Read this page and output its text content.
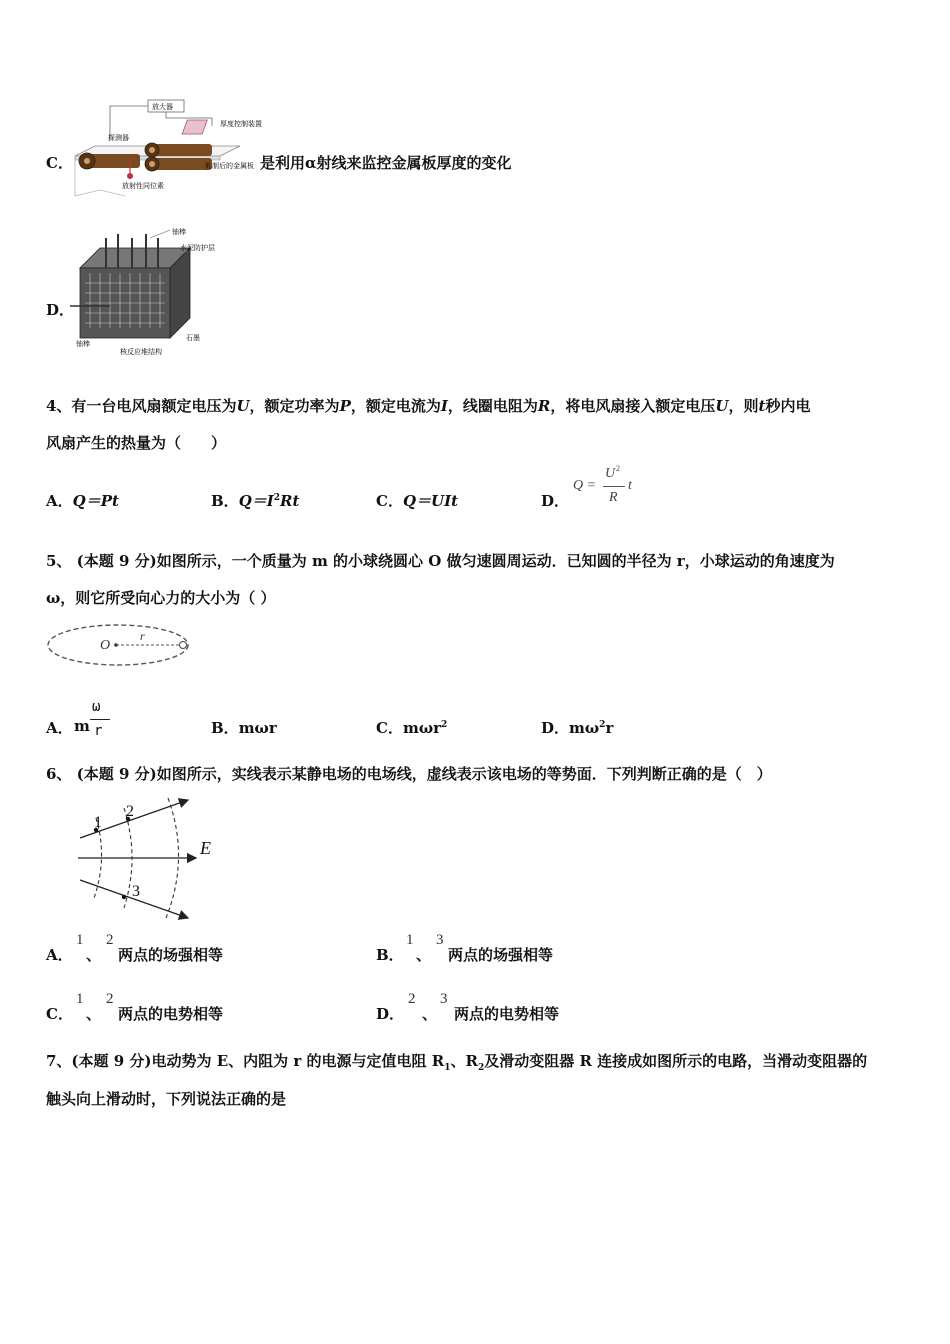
C．
放大器
厚度控制装置
探测器
放射性同位素
轧制后的金属板 是利用α射线来监控金属板厚度的变化
D．
铀棒
水泥防护层
石墨
铀棒
核反应堆结构
4、有一台电风扇额定电压为U，额定功率为P，额定电流为I，线圈电阻为R，将电风扇接入额定电压U，则t秒内电
风扇产生的热量为（　　）
A．Q＝Pt	B．$Q=I^2Rt$	C．Q＝UIt	D．
Q =
U 2
R
t
5、 (本题 9 分)如图所示，一个质量为 m 的小球绕圆心 O 做匀速圆周运动．已知圆的半径为 r，小球运动的角速度为
ω，则它所受向心力的大小为（ ）
O
r
A． m
ω
r	B．mωr	C．mωr$^2$	D．$m\omega^2r$
6、 (本题 9 分)如图所示，实线表示某静电场的电场线，虚线表示该电场的等势面．下列判断正确的是（　）
1
2
3
E
A．
1
、
2
两点的场强相等	B．
1
、
3
两点的场强相等
C．
1
、
2
两点的电势相等	D．
2
、
3
两点的电势相等
7、(本题 9 分)电动势为 E、内阻为 r 的电源与定值电阻 $R_1$、$R_2$及滑动变阻器 R 连接成如图所示的电路，当滑动变阻器的
触头向上滑动时，下列说法正确的是
